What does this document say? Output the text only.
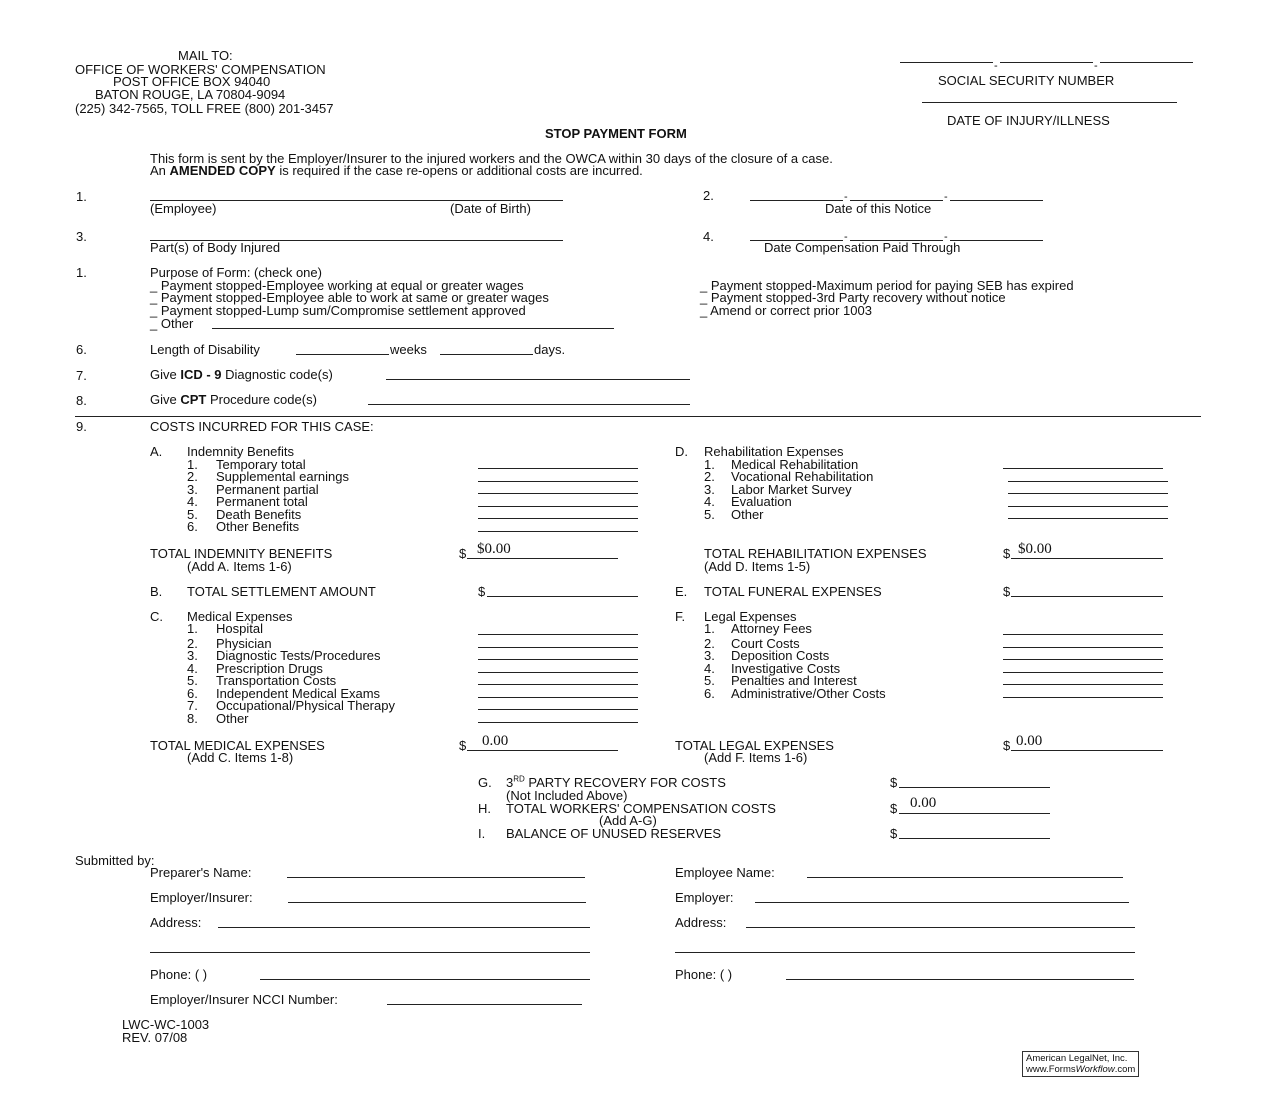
MAIL TO:
OFFICE OF WORKERS' COMPENSATION
POST OFFICE BOX 94040
BATON ROUGE, LA 70804-9094
(225) 342-7565, TOLL FREE (800) 201-3457
-	-
SOCIAL SECURITY NUMBER
DATE OF INJURY/ILLNESS
STOP PAYMENT FORM
This form is sent by the Employer/Insurer to the injured workers and the OWCA within 30 days of the closure of a case.
An AMENDED COPY is required if the case re-opens or additional costs are incurred.
1.
(Employee)	(Date of Birth)
2.	-	-
Date of this Notice
3.
Part(s) of Body Injured
4.	-	-
Date Compensation Paid Through
1.	Purpose of Form: (check one)
_ Payment stopped-Employee working at equal or greater wages
_ Payment stopped-Employee able to work at same or greater wages
_ Payment stopped-Lump sum/Compromise settlement approved
_ Other
_ Payment stopped-Maximum period for paying SEB has expired
_ Payment stopped-3rd Party recovery without notice
_ Amend or correct prior 1003
6.	Length of Disability	weeks	days.
7.	Give ICD - 9 Diagnostic code(s)
8.	Give CPT Procedure code(s)
9.	COSTS INCURRED FOR THIS CASE:
A. Indemnity Benefits
1. Temporary total
2. Supplemental earnings
3. Permanent partial
4. Permanent total
5. Death Benefits
6. Other Benefits
TOTAL INDEMNITY BENEFITS
(Add A. Items 1-6)
$ $0.00
D. Rehabilitation Expenses
1. Medical Rehabilitation
2. Vocational Rehabilitation
3. Labor Market Survey
4. Evaluation
5. Other
TOTAL REHABILITATION EXPENSES
(Add D. Items 1-5)
$ $0.00
B. TOTAL SETTLEMENT AMOUNT	$	E. TOTAL FUNERAL EXPENSES	$
C. Medical Expenses
1. Hospital
2. Physician
3. Diagnostic Tests/Procedures
4. Prescription Drugs
5. Transportation Costs
6. Independent Medical Exams
7. Occupational/Physical Therapy
8. Other
TOTAL MEDICAL EXPENSES
(Add C. Items 1-8)
$ 0.00
F. Legal Expenses
1. Attorney Fees
2. Court Costs
3. Deposition Costs
4. Investigative Costs
5. Penalties and Interest
6. Administrative/Other Costs
TOTAL LEGAL EXPENSES
(Add F. Items 1-6)
$ 0.00
G. 3RD PARTY RECOVERY FOR COSTS
(Not Included Above)
$
H. TOTAL WORKERS' COMPENSATION COSTS
(Add A-G)
$ 0.00
I. BALANCE OF UNUSED RESERVES	$
Submitted by:
Preparer's Name:
Employer/Insurer:
Address:
Phone: ( )
Employer/Insurer NCCI Number:
Employee Name:
Employer:
Address:
Phone: ( )
LWC-WC-1003
REV. 07/08
American LegalNet, Inc.
www.FormsWorkflow.com
